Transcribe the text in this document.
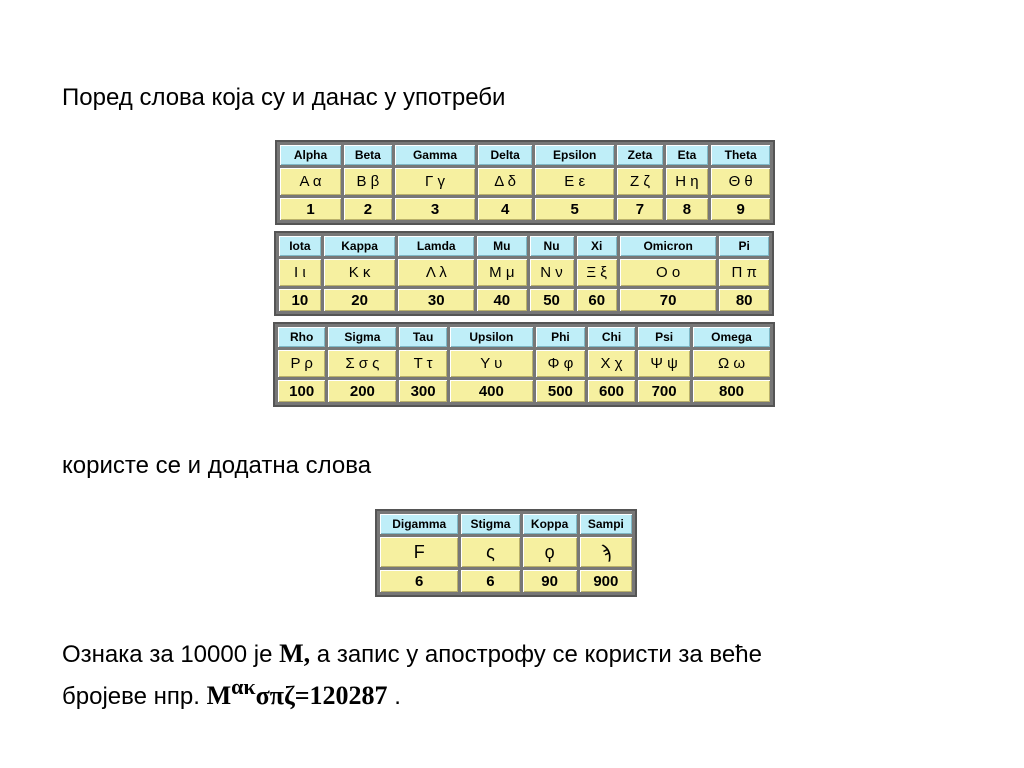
Поред слова која су и данас у употреби
Alpha	Beta	Gamma	Delta	Epsilon	Zeta	Eta	Theta
Α α	Β β	Γ γ	Δ δ	Ε ε	Ζ ζ	Η η	Θ θ
1	2	3	4	5	7	8	9
Iota	Kappa	Lamda	Mu	Nu	Xi	Omicron	Pi
Ι ι	Κ κ	Λ λ	Μ μ	Ν ν	Ξ ξ	Ο ο	Π π
10	20	30	40	50	60	70	80
Rho	Sigma	Tau	Upsilon	Phi	Chi	Psi	Omega
Ρ ρ	Σ σ ς	Τ τ	Υ υ	Φ φ	Χ χ	Ψ ψ	Ω ω
100	200	300	400	500	600	700	800
користе се и додатна слова
Digamma	Stigma	Koppa	Sampi
F	ς	ϙ	ϡ
6	6	90	900
Ознака за 10000 је М, а запис у апострофу се користи за веће
бројеве нпр. Мακσπζ=120287 .
